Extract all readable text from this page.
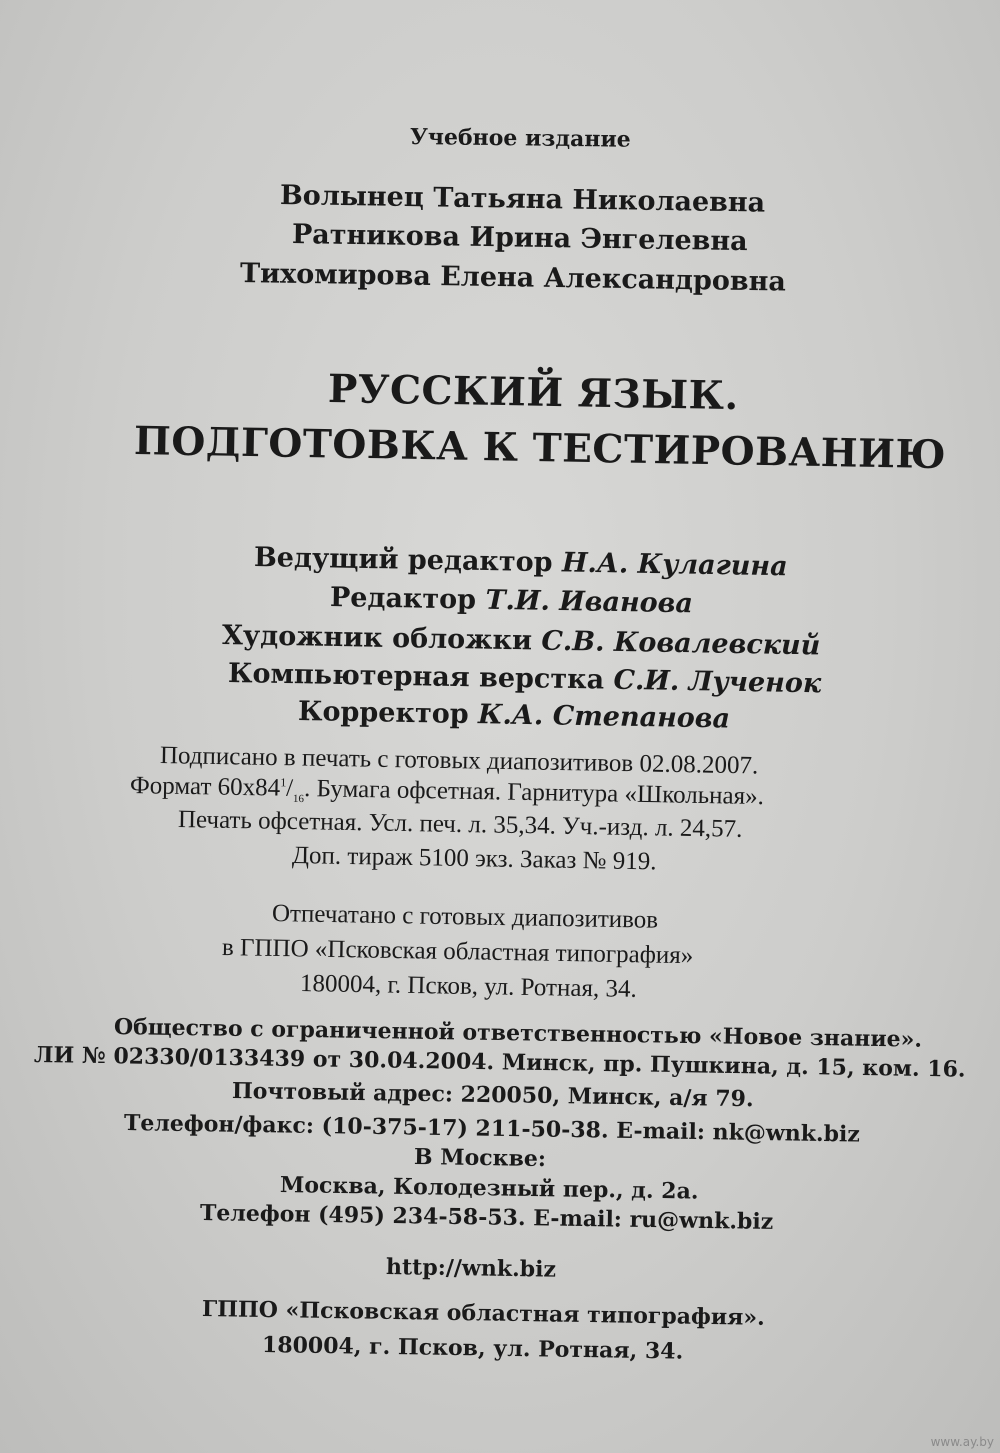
Учебное издание
Волынец Татьяна Николаевна
Ратникова Ирина Энгелевна
Тихомирова Елена Александровна
РУССКИЙ ЯЗЫК.
ПОДГОТОВКА К ТЕСТИРОВАНИЮ
Ведущий редактор Н.А. Кулагина
Редактор Т.И. Иванова
Художник обложки С.В. Ковалевский
Компьютерная верстка С.И. Лученок
Корректор К.А. Степанова
Подписано в печать с готовых диапозитивов 02.08.2007.
Формат $60х84^1/_{16}$. Бумага офсетная. Гарнитура «Школьная».
Печать офсетная. Усл. печ. л. 35,34. Уч.-изд. л. 24,57.
Доп. тираж 5100 экз. Заказ № 919.
Отпечатано с готовых диапозитивов
в ГППО «Псковская областная типография»
180004, г. Псков, ул. Ротная, 34.
Общество с ограниченной ответственностью «Новое знание».
ЛИ № 02330/0133439 от 30.04.2004. Минск, пр. Пушкина, д. 15, ком. 16.
Почтовый адрес: 220050, Минск, а/я 79.
Телефон/факс: (10-375-17) 211-50-38. E-mail: nk@wnk.biz
В Москве:
Москва, Колодезный пер., д. 2а.
Телефон (495) 234-58-53. E-mail: ru@wnk.biz
http://wnk.biz
ГППО «Псковская областная типография».
180004, г. Псков, ул. Ротная, 34.
www.ay.by
